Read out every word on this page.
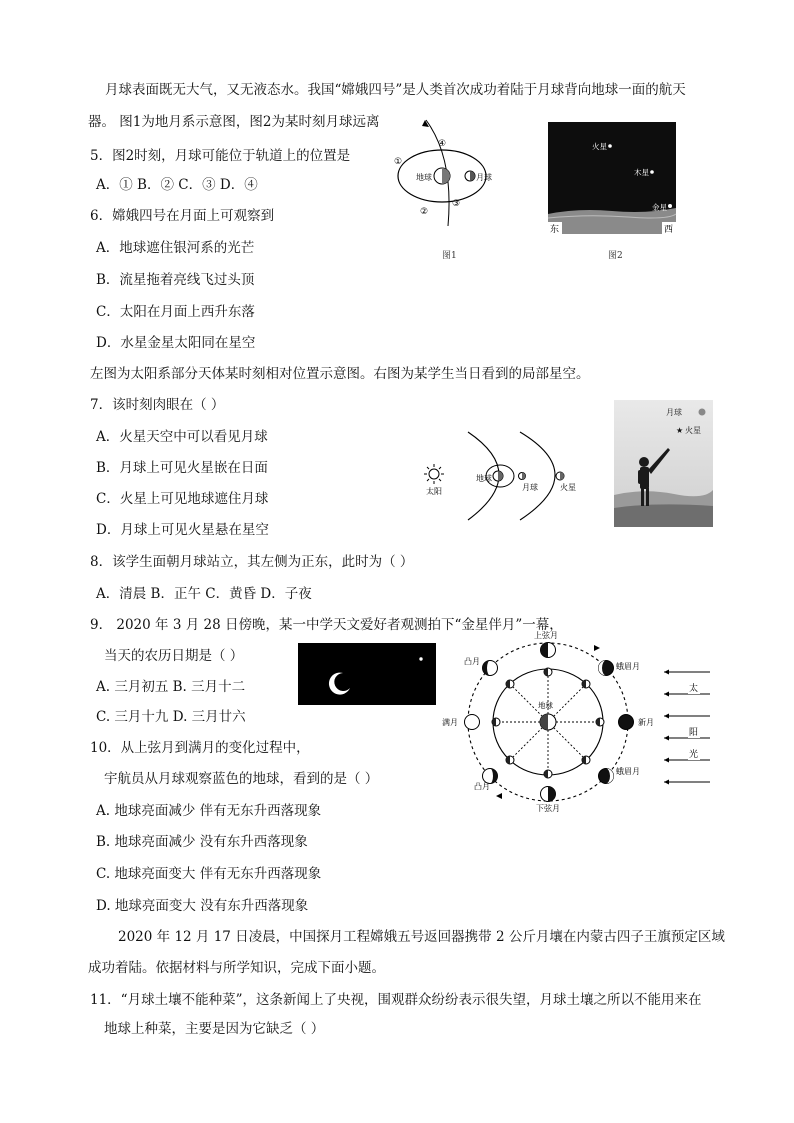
月球表面既无大气，又无液态水。我国“嫦娥四号”是人类首次成功着陆于月球背向地球一面的航天
器。 图1为地月系示意图，图2为某时刻月球远离
5．图2时刻，月球可能位于轨道上的位置是
A．① B．② C．③ D．④
6．嫦娥四号在月面上可观察到
A．地球遮住银河系的光芒
B．流星拖着亮线飞过头顶
C．太阳在月面上西升东落
D．水星金星太阳同在星空
地球	月球
①
②
③
④
图1
火星
木星
金星
东	西
图2
左图为太阳系部分天体某时刻相对位置示意图。右图为某学生当日看到的局部星空。
7．该时刻肉眼在（ ）
A．火星天空中可以看见月球
B．月球上可见火星嵌在日面
C．火星上可见地球遮住月球
D．月球上可见火星悬在星空
太阳
地球
月球	火星
月球
★ 火星
8．该学生面朝月球站立，其左侧为正东，此时为（ ）
A．清晨 B．正午 C．黄昏 D．子夜
9． 2020 年 3 月 28 日傍晚，某一中学天文爱好者观测拍下“金星伴月”一幕，
当天的农历日期是（ ）
A. 三月初五 B. 三月十二
C. 三月十九 D. 三月廿六
地球
上弦月
蛾眉月
新月
蛾眉月
下弦月
凸月
凸月
满月
太
阳
光
10．从上弦月到满月的变化过程中，
宇航员从月球观察蓝色的地球，看到的是（ ）
A. 地球亮面减少 伴有无东升西落现象
B. 地球亮面减少 没有东升西落现象
C. 地球亮面变大 伴有无东升西落现象
D. 地球亮面变大 没有东升西落现象
2020 年 12 月 17 日凌晨，中国探月工程嫦娥五号返回器携带 2 公斤月壤在内蒙古四子王旗预定区域
成功着陆。依据材料与所学知识，完成下面小题。
11．“月球土壤不能种菜”，这条新闻上了央视，围观群众纷纷表示很失望，月球土壤之所以不能用来在
地球上种菜，主要是因为它缺乏（ ）
